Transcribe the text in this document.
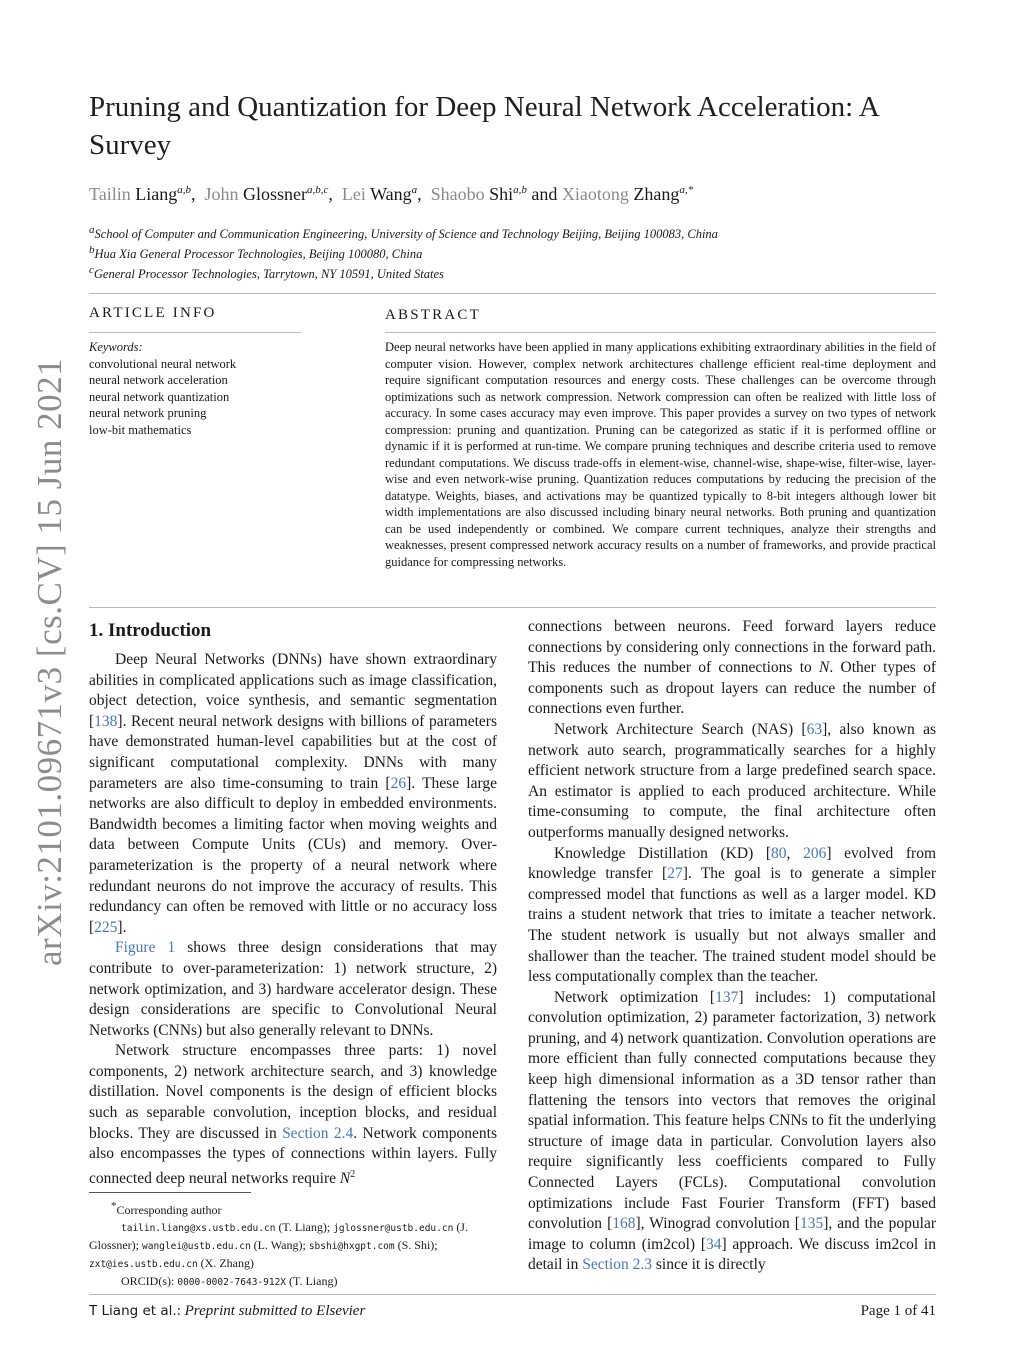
arXiv:2101.09671v3 [cs.CV] 15 Jun 2021
Pruning and Quantization for Deep Neural Network Acceleration: A Survey
Tailin Liang$^{a,b}$,  John Glossner$^{a,b,c}$,  Lei Wang$^a$,  Shaobo Shi$^{a,b}$ and Xiaotong Zhang$^{a,*}$
aSchool of Computer and Communication Engineering, University of Science and Technology Beijing, Beijing 100083, China
bHua Xia General Processor Technologies, Beijing 100080, China
cGeneral Processor Technologies, Tarrytown, NY 10591, United States
ARTICLE INFO
Keywords:
convolutional neural network
neural network acceleration
neural network quantization
neural network pruning
low-bit mathematics
ABSTRACT
Deep neural networks have been applied in many applications exhibiting extraordinary abilities in the field of computer vision. However, complex network architectures challenge efficient real-time deployment and require significant computation resources and energy costs. These challenges can be overcome through optimizations such as network compression. Network compression can often be realized with little loss of accuracy. In some cases accuracy may even improve. This paper provides a survey on two types of network compression: pruning and quantization. Pruning can be categorized as static if it is performed offline or dynamic if it is performed at run-time. We compare pruning techniques and describe criteria used to remove redundant computations. We discuss trade-offs in element-wise, channel-wise, shape-wise, filter-wise, layer-wise and even network-wise pruning. Quantization reduces computations by reducing the precision of the datatype. Weights, biases, and activations may be quantized typically to 8-bit integers although lower bit width implementations are also discussed including binary neural networks. Both pruning and quantization can be used independently or combined. We compare current techniques, analyze their strengths and weaknesses, present compressed network accuracy results on a number of frameworks, and provide practical guidance for compressing networks.
1. Introduction

Deep Neural Networks (DNNs) have shown extraordinary abilities in complicated applications such as image classification, object detection, voice synthesis, and semantic segmentation [138]. Recent neural network designs with billions of parameters have demonstrated human-level capabilities but at the cost of significant computational complexity. DNNs with many parameters are also time-consuming to train [26]. These large networks are also difficult to deploy in embedded environments. Bandwidth becomes a limiting factor when moving weights and data between Compute Units (CUs) and memory. Over-parameterization is the property of a neural network where redundant neurons do not improve the accuracy of results. This redundancy can often be removed with little or no accuracy loss [225].

Figure 1 shows three design considerations that may contribute to over-parameterization: 1) network structure, 2) network optimization, and 3) hardware accelerator design. These design considerations are specific to Convolutional Neural Networks (CNNs) but also generally relevant to DNNs.

Network structure encompasses three parts: 1) novel components, 2) network architecture search, and 3) knowledge distillation. Novel components is the design of efficient blocks such as separable convolution, inception blocks, and residual blocks. They are discussed in Section 2.4. Network components also encompasses the types of connections within layers. Fully connected deep neural networks require $N^2$

*Corresponding author
tailin.liang@xs.ustb.edu.cn (T. Liang); jglossner@ustb.edu.cn (J. Glossner); wanglei@ustb.edu.cn (L. Wang); sbshi@hxgpt.com (S. Shi); zxt@ies.ustb.edu.cn (X. Zhang)
ORCID(s): 0000-0002-7643-912X (T. Liang)

connections between neurons. Feed forward layers reduce connections by considering only connections in the forward path. This reduces the number of connections to N. Other types of components such as dropout layers can reduce the number of connections even further.

Network Architecture Search (NAS) [63], also known as network auto search, programmatically searches for a highly efficient network structure from a large predefined search space. An estimator is applied to each produced architecture. While time-consuming to compute, the final architecture often outperforms manually designed networks.

Knowledge Distillation (KD) [80, 206] evolved from knowledge transfer [27]. The goal is to generate a simpler compressed model that functions as well as a larger model. KD trains a student network that tries to imitate a teacher network. The student network is usually but not always smaller and shallower than the teacher. The trained student model should be less computationally complex than the teacher.

Network optimization [137] includes: 1) computational convolution optimization, 2) parameter factorization, 3) network pruning, and 4) network quantization. Convolution operations are more efficient than fully connected computations because they keep high dimensional information as a 3D tensor rather than flattening the tensors into vectors that removes the original spatial information. This feature helps CNNs to fit the underlying structure of image data in particular. Convolution layers also require significantly less coefficients compared to Fully Connected Layers (FCLs). Computational convolution optimizations include Fast Fourier Transform (FFT) based convolution [168], Winograd convolution [135], and the popular image to column (im2col) [34] approach. We discuss im2col in detail in Section 2.3 since it is directly

T Liang et al.: Preprint submitted to Elsevier	Page 1 of 41
